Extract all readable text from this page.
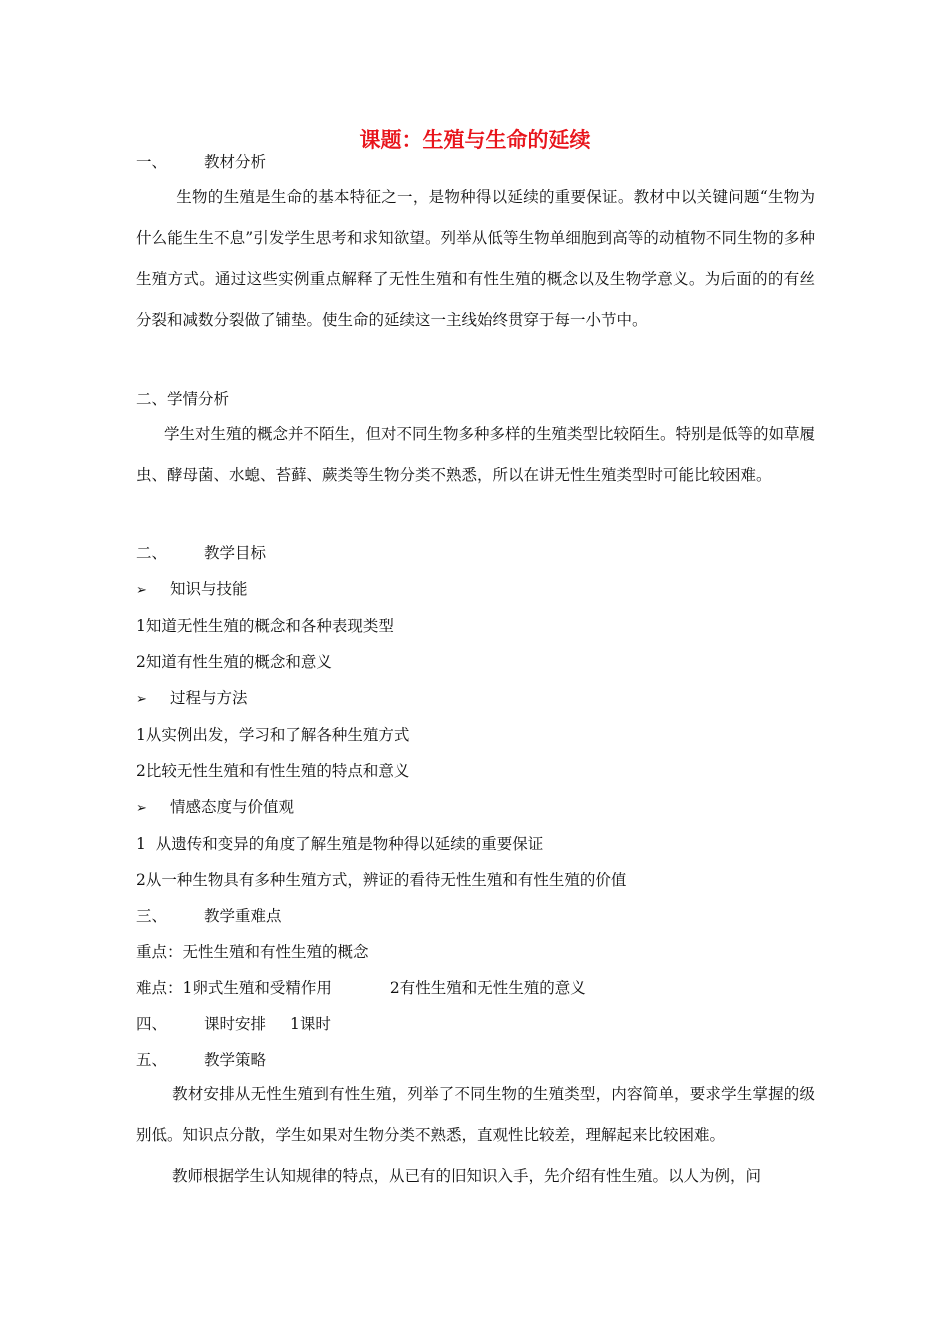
课题：生殖与生命的延续
一、 教材分析
生物的生殖是生命的基本特征之一，是物种得以延续的重要保证。教材中以关键问题“生物为什么能生生不息”引发学生思考和求知欲望。列举从低等生物单细胞到高等的动植物不同生物的多种生殖方式。通过这些实例重点解释了无性生殖和有性生殖的概念以及生物学意义。为后面的的有丝分裂和减数分裂做了铺垫。使生命的延续这一主线始终贯穿于每一小节中。
二、学情分析
学生对生殖的概念并不陌生，但对不同生物多种多样的生殖类型比较陌生。特别是低等的如草履虫、酵母菌、水螅、苔藓、蕨类等生物分类不熟悉，所以在讲无性生殖类型时可能比较困难。
二、 教学目标
➢ 知识与技能
1知道无性生殖的概念和各种表现类型
2知道有性生殖的概念和意义
➢ 过程与方法
1从实例出发，学习和了解各种生殖方式
2比较无性生殖和有性生殖的特点和意义
➢ 情感态度与价值观
1  从遗传和变异的角度了解生殖是物种得以延续的重要保证
2从一种生物具有多种生殖方式，辨证的看待无性生殖和有性生殖的价值
三、 教学重难点
重点：无性生殖和有性生殖的概念
难点：1卵式生殖和受精作用	2有性生殖和无性生殖的意义
四、 课时安排 1课时
五、 教学策略
教材安排从无性生殖到有性生殖，列举了不同生物的生殖类型，内容简单，要求学生掌握的级别低。知识点分散，学生如果对生物分类不熟悉，直观性比较差，理解起来比较困难。
教师根据学生认知规律的特点，从已有的旧知识入手，先介绍有性生殖。以人为例，问
